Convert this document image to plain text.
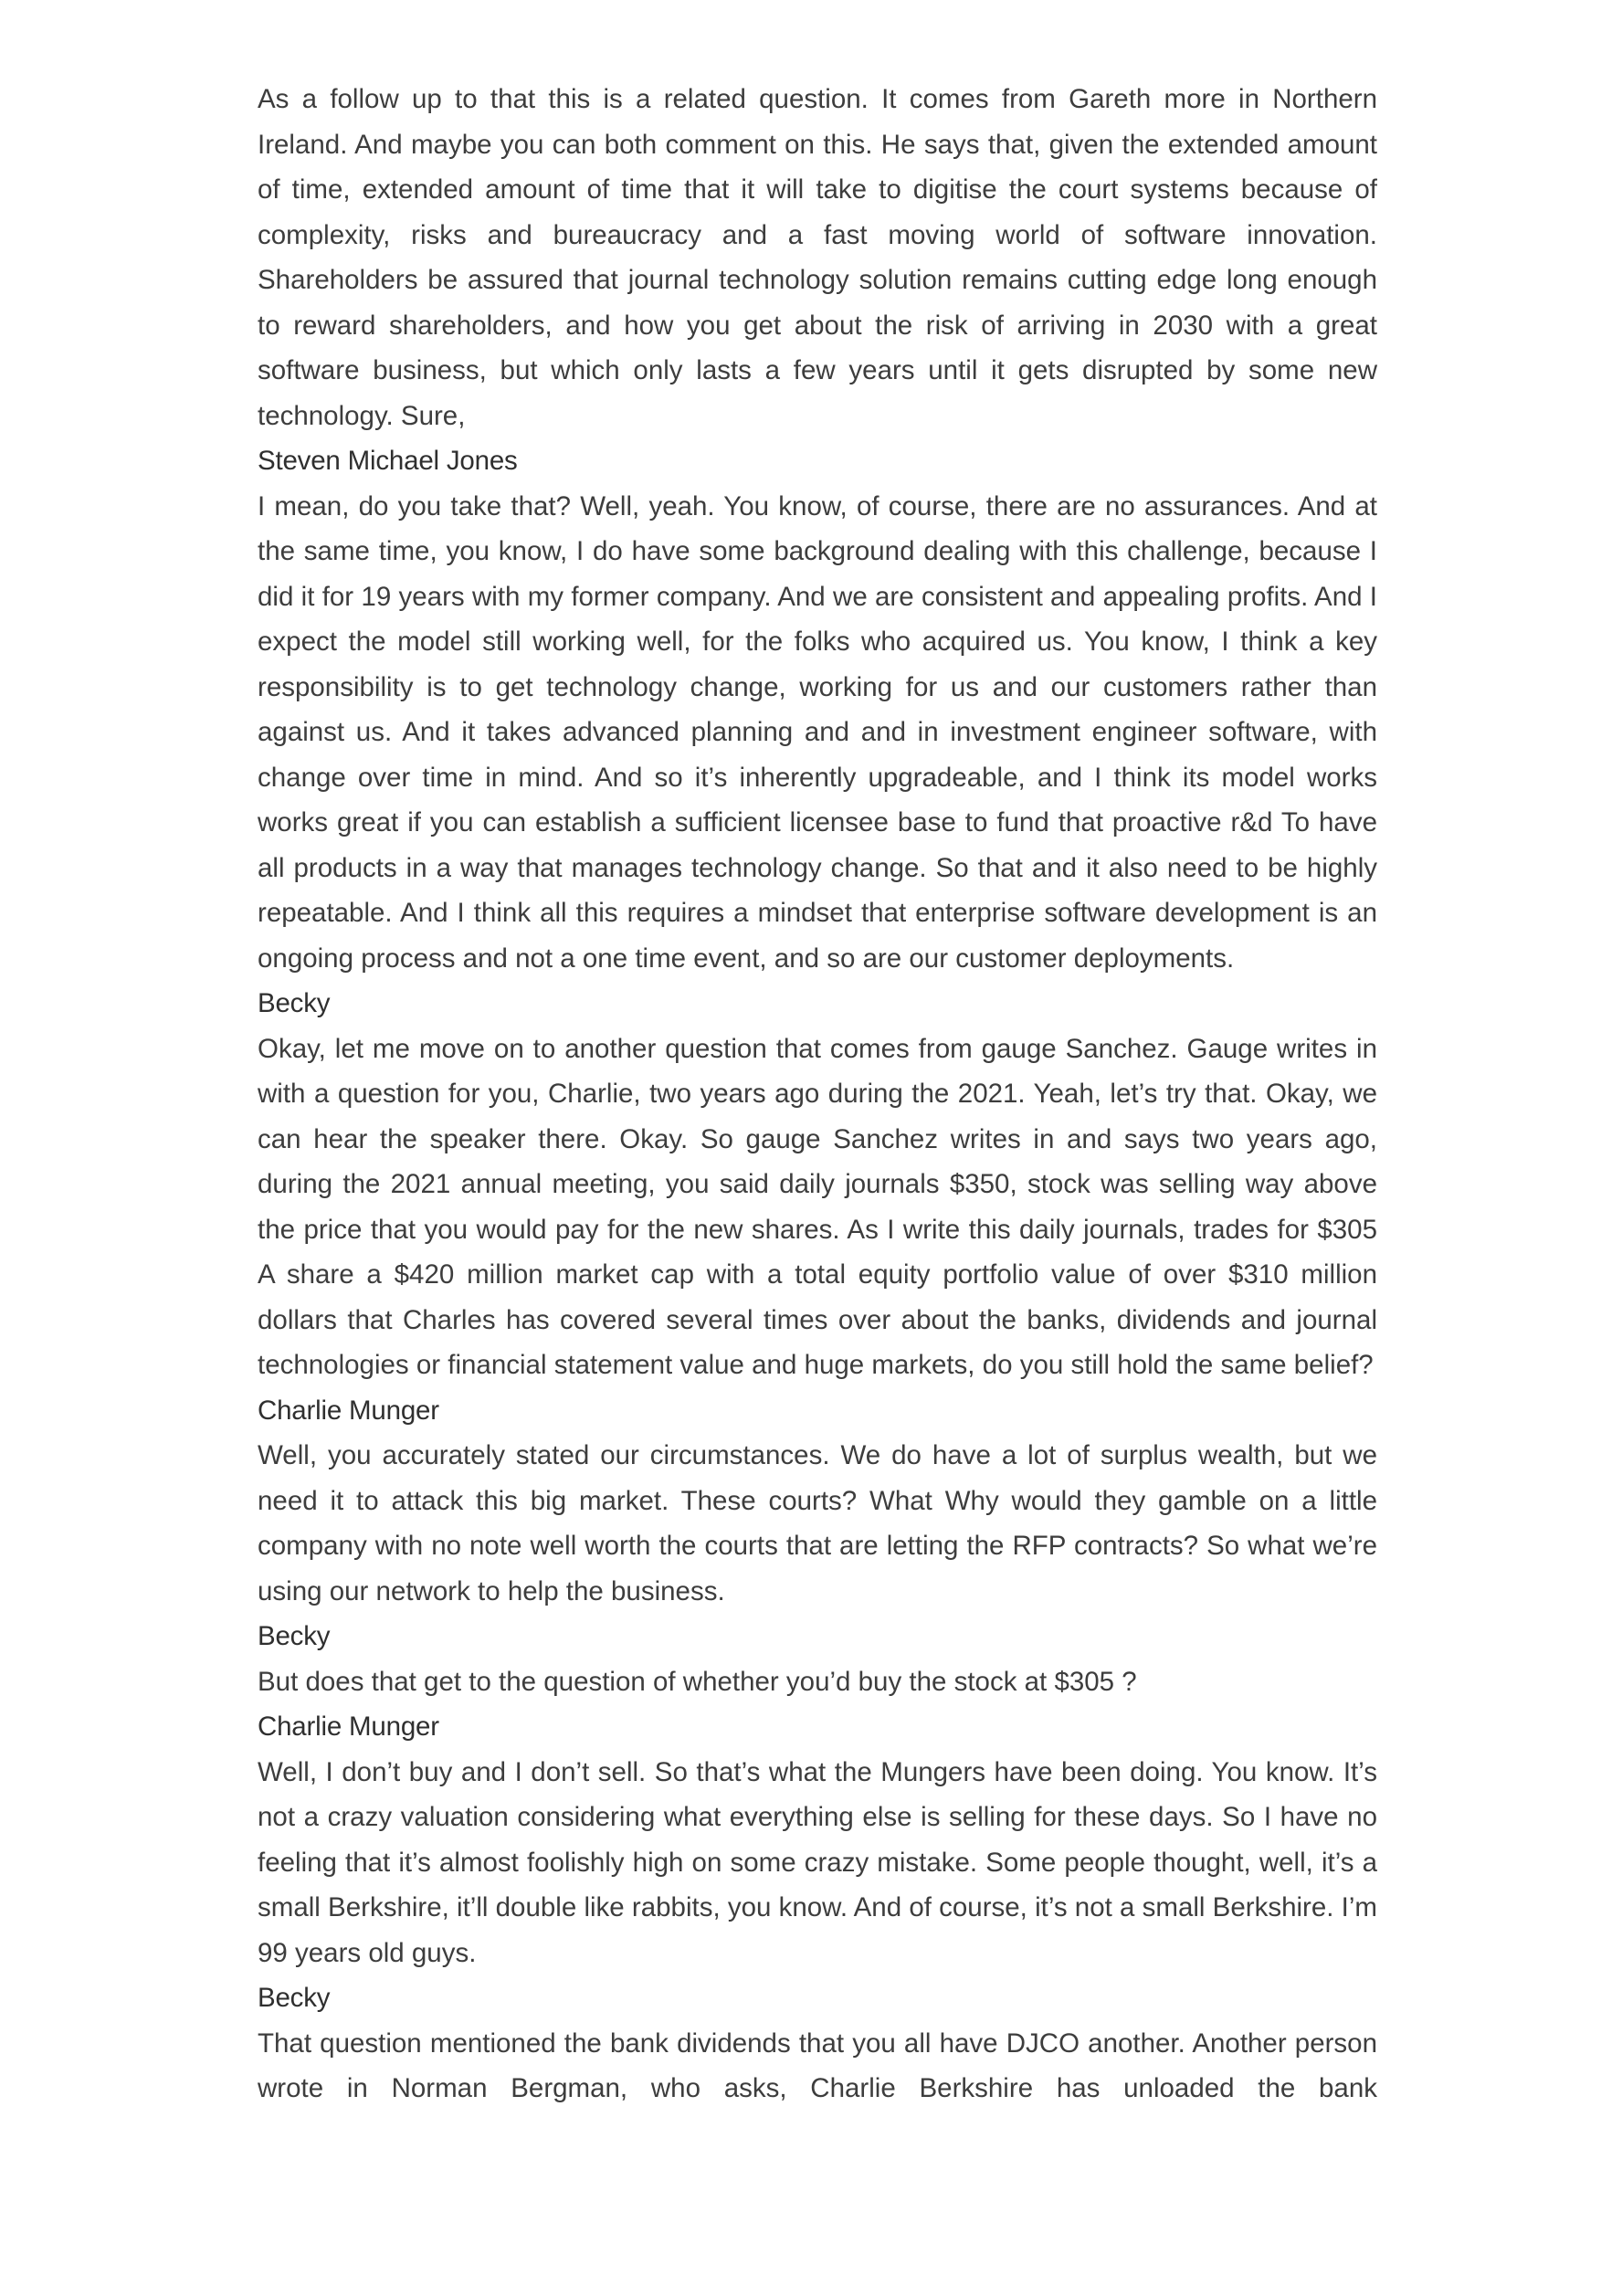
As a follow up to that this is a related question. It comes from Gareth more in Northern Ireland. And maybe you can both comment on this. He says that, given the extended amount of time, extended amount of time that it will take to digitise the court systems because of complexity, risks and bureaucracy and a fast moving world of software innovation. Shareholders be assured that journal technology solution remains cutting edge long enough to reward shareholders, and how you get about the risk of arriving in 2030 with a great software business, but which only lasts a few years until it gets disrupted by some new technology. Sure,

Steven Michael Jones

I mean, do you take that? Well, yeah. You know, of course, there are no assurances. And at the same time, you know, I do have some background dealing with this challenge, because I did it for 19 years with my former company. And we are consistent and appealing profits. And I expect the model still working well, for the folks who acquired us. You know, I think a key responsibility is to get technology change, working for us and our customers rather than against us. And it takes advanced planning and and in investment engineer software, with change over time in mind. And so it’s inherently upgradeable, and I think its model works works great if you can establish a sufficient licensee base to fund that proactive r&d To have all products in a way that manages technology change. So that and it also need to be highly repeatable. And I think all this requires a mindset that enterprise software development is an ongoing process and not a one time event, and so are our customer deployments.

Becky

Okay, let me move on to another question that comes from gauge Sanchez. Gauge writes in with a question for you, Charlie, two years ago during the 2021. Yeah, let’s try that. Okay, we can hear the speaker there. Okay. So gauge Sanchez writes in and says two years ago, during the 2021 annual meeting, you said daily journals $350, stock was selling way above the price that you would pay for the new shares. As I write this daily journals, trades for $305 A share a $420 million market cap with a total equity portfolio value of over $310 million dollars that Charles has covered several times over about the banks, dividends and journal technologies or financial statement value and huge markets, do you still hold the same belief?

Charlie Munger

Well, you accurately stated our circumstances. We do have a lot of surplus wealth, but we need it to attack this big market. These courts? What Why would they gamble on a little company with no note well worth the courts that are letting the RFP contracts? So what we’re using our network to help the business.

Becky

But does that get to the question of whether you’d buy the stock at $305 ?

Charlie Munger

Well, I don’t buy and I don’t sell. So that’s what the Mungers have been doing. You know. It’s not a crazy valuation considering what everything else is selling for these days. So I have no feeling that it’s almost foolishly high on some crazy mistake. Some people thought, well, it’s a small Berkshire, it’ll double like rabbits, you know. And of course, it’s not a small Berkshire. I’m 99 years old guys.

Becky

That question mentioned the bank dividends that you all have DJCO another. Another person wrote in Norman Bergman, who asks, Charlie Berkshire has unloaded the bank
